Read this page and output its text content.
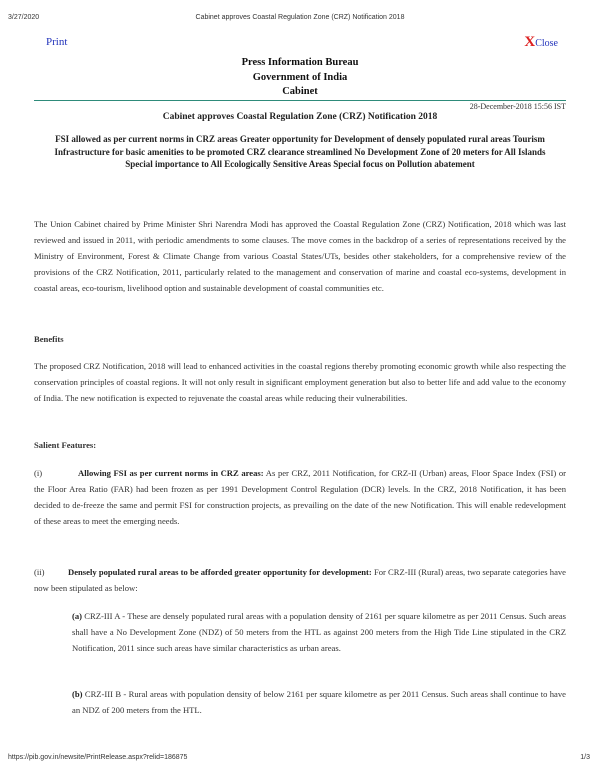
3/27/2020	Cabinet approves Coastal Regulation Zone (CRZ) Notification 2018
Print	XClose
Press Information Bureau
Government of India
Cabinet
28-December-2018 15:56 IST
Cabinet approves Coastal Regulation Zone (CRZ) Notification 2018
FSI allowed as per current norms in CRZ areas Greater opportunity for Development of densely populated rural areas Tourism Infrastructure for basic amenities to be promoted CRZ clearance streamlined No Development Zone of 20 meters for All Islands Special importance to All Ecologically Sensitive Areas Special focus on Pollution abatement
The Union Cabinet chaired by Prime Minister Shri Narendra Modi has approved the Coastal Regulation Zone (CRZ) Notification, 2018 which was last reviewed and issued in 2011, with periodic amendments to some clauses. The move comes in the backdrop of a series of representations received by the Ministry of Environment, Forest & Climate Change from various Coastal States/UTs, besides other stakeholders, for a comprehensive review of the provisions of the CRZ Notification, 2011, particularly related to the management and conservation of marine and coastal eco-systems, development in coastal areas, eco-tourism, livelihood option and sustainable development of coastal communities etc.
Benefits
The proposed CRZ Notification, 2018 will lead to enhanced activities in the coastal regions thereby promoting economic growth while also respecting the conservation principles of coastal regions. It will not only result in significant employment generation but also to better life and add value to the economy of India. The new notification is expected to rejuvenate the coastal areas while reducing their vulnerabilities.
Salient Features:
(i)	Allowing FSI as per current norms in CRZ areas: As per CRZ, 2011 Notification, for CRZ-II (Urban) areas, Floor Space Index (FSI) or the Floor Area Ratio (FAR) had been frozen as per 1991 Development Control Regulation (DCR) levels. In the CRZ, 2018 Notification, it has been decided to de-freeze the same and permit FSI for construction projects, as prevailing on the date of the new Notification. This will enable redevelopment of these areas to meet the emerging needs.
(ii)	Densely populated rural areas to be afforded greater opportunity for development: For CRZ-III (Rural) areas, two separate categories have now been stipulated as below:
(a) CRZ-III A - These are densely populated rural areas with a population density of 2161 per square kilometre as per 2011 Census. Such areas shall have a No Development Zone (NDZ) of 50 meters from the HTL as against 200 meters from the High Tide Line stipulated in the CRZ Notification, 2011 since such areas have similar characteristics as urban areas.
(b) CRZ-III B - Rural areas with population density of below 2161 per square kilometre as per 2011 Census. Such areas shall continue to have an NDZ of 200 meters from the HTL.
https://pib.gov.in/newsite/PrintRelease.aspx?relid=186875	1/3
